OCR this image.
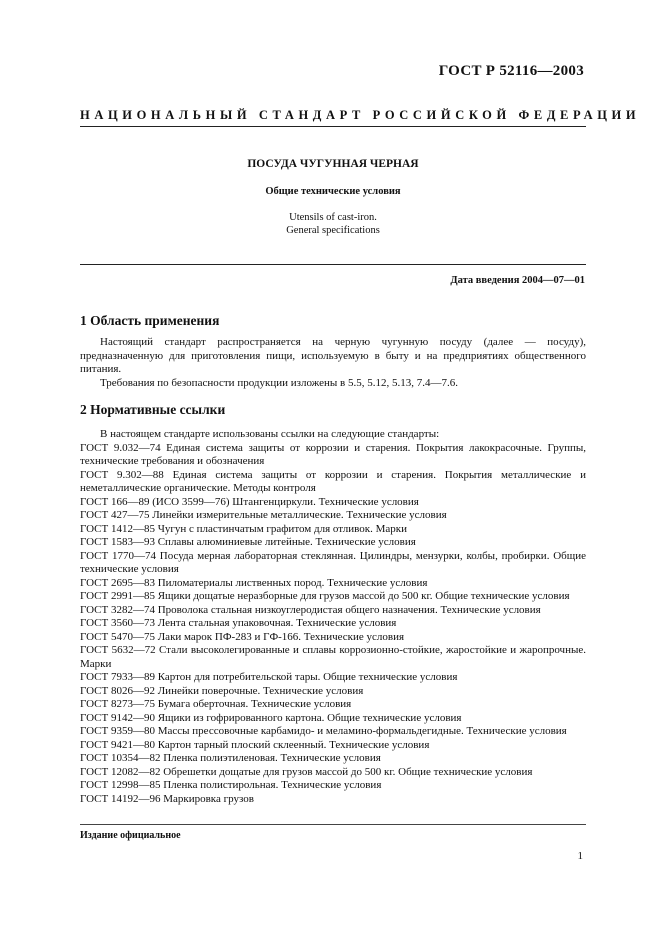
ГОСТ Р 52116—2003
НАЦИОНАЛЬНЫЙ СТАНДАРТ РОССИЙСКОЙ ФЕДЕРАЦИИ
ПОСУДА ЧУГУННАЯ ЧЕРНАЯ
Общие технические условия
Utensils of cast-iron.
General specifications
Дата введения 2004—07—01
1 Область применения

Настоящий стандарт распространяется на черную чугунную посуду (далее — посуду), предназначенную для приготовления пищи, используемую в быту и на предприятиях общественного питания.

Требования по безопасности продукции изложены в 5.5, 5.12, 5.13, 7.4—7.6.

2 Нормативные ссылки

В настоящем стандарте использованы ссылки на следующие стандарты:

ГОСТ 9.032—74 Единая система защиты от коррозии и старения. Покрытия лакокрасочные. Группы, технические требования и обозначения

ГОСТ 9.302—88 Единая система защиты от коррозии и старения. Покрытия металлические и неметаллические органические. Методы контроля

ГОСТ 166—89 (ИСО 3599—76) Штангенциркули. Технические условия

ГОСТ 427—75 Линейки измерительные металлические. Технические условия

ГОСТ 1412—85 Чугун с пластинчатым графитом для отливок. Марки

ГОСТ 1583—93 Сплавы алюминиевые литейные. Технические условия

ГОСТ 1770—74 Посуда мерная лабораторная стеклянная. Цилиндры, мензурки, колбы, пробирки. Общие технические условия

ГОСТ 2695—83 Пиломатериалы лиственных пород. Технические условия

ГОСТ 2991—85 Ящики дощатые неразборные для грузов массой до 500 кг. Общие технические условия

ГОСТ 3282—74 Проволока стальная низкоуглеродистая общего назначения. Технические условия

ГОСТ 3560—73 Лента стальная упаковочная. Технические условия

ГОСТ 5470—75 Лаки марок ПФ-283 и ГФ-166. Технические условия

ГОСТ 5632—72 Стали высоколегированные и сплавы коррозионно-стойкие, жаростойкие и жаропрочные. Марки

ГОСТ 7933—89 Картон для потребительской тары. Общие технические условия

ГОСТ 8026—92 Линейки поверочные. Технические условия

ГОСТ 8273—75 Бумага оберточная. Технические условия

ГОСТ 9142—90 Ящики из гофрированного картона. Общие технические условия

ГОСТ 9359—80 Массы прессовочные карбамидо- и меламино-формальдегидные. Технические условия

ГОСТ 9421—80 Картон тарный плоский склеенный. Технические условия

ГОСТ 10354—82 Пленка полиэтиленовая. Технические условия

ГОСТ 12082—82 Обрешетки дощатые для грузов массой до 500 кг. Общие технические условия

ГОСТ 12998—85 Пленка полистирольная. Технические условия

ГОСТ 14192—96 Маркировка грузов

Издание официальное
1
